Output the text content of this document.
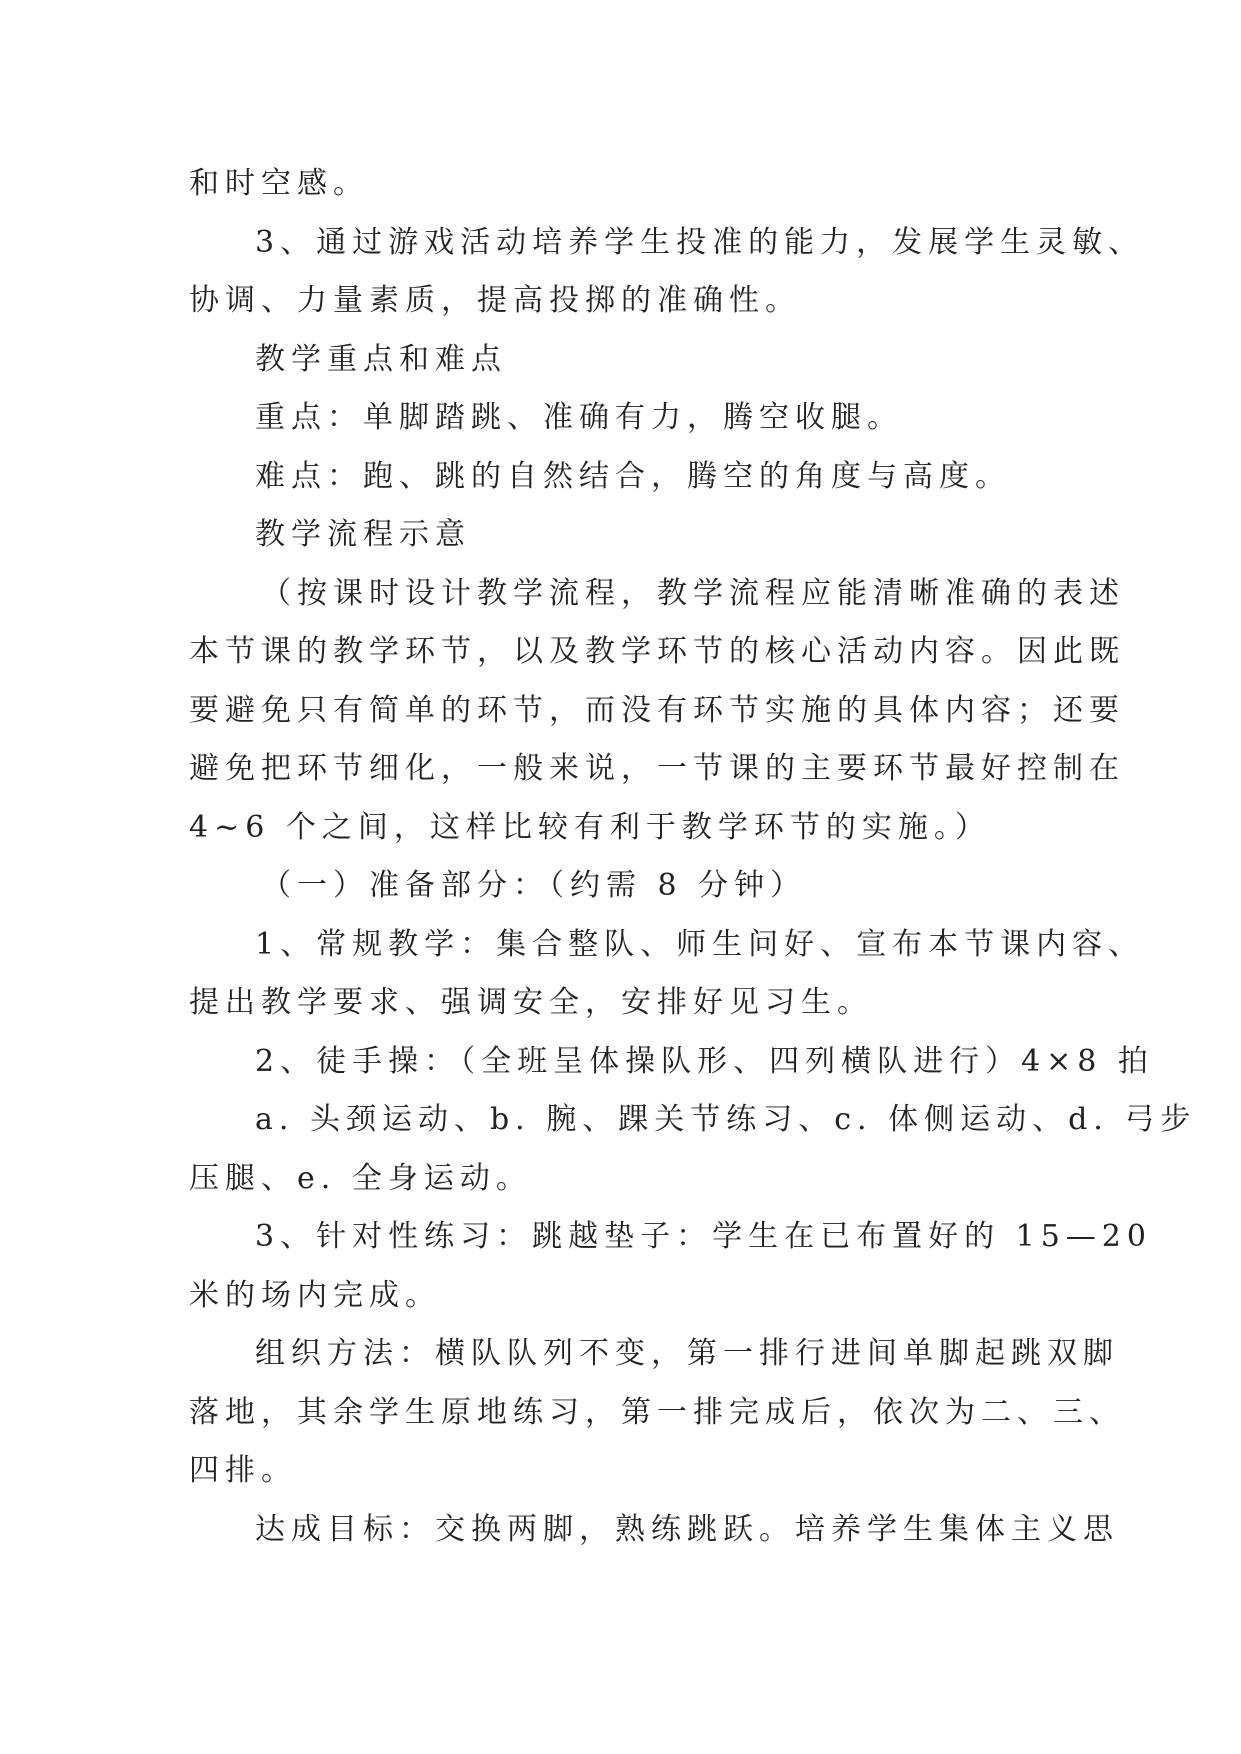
和时空感。
3、通过游戏活动培养学生投准的能力，发展学生灵敏、
协调、力量素质，提高投掷的准确性。
教学重点和难点
重点：单脚踏跳、准确有力，腾空收腿。
难点：跑、跳的自然结合，腾空的角度与高度。
教学流程示意
（按课时设计教学流程，教学流程应能清晰准确的表述
本节课的教学环节，以及教学环节的核心活动内容。因此既
要避免只有简单的环节，而没有环节实施的具体内容；还要
避免把环节细化，一般来说，一节课的主要环节最好控制在
4~6 个之间，这样比较有利于教学环节的实施。）
（一）准备部分：（约需 8 分钟）
1、常规教学：集合整队、师生问好、宣布本节课内容、
提出教学要求、强调安全，安排好见习生。
2、徒手操：（全班呈体操队形、四列横队进行）4×8 拍
a. 头颈运动、b. 腕、踝关节练习、c. 体侧运动、d. 弓步
压腿、e. 全身运动。
3、针对性练习：跳越垫子：学生在已布置好的 15—20
米的场内完成。
组织方法：横队队列不变，第一排行进间单脚起跳双脚
落地，其余学生原地练习，第一排完成后，依次为二、三、
四排。
达成目标：交换两脚，熟练跳跃。培养学生集体主义思
